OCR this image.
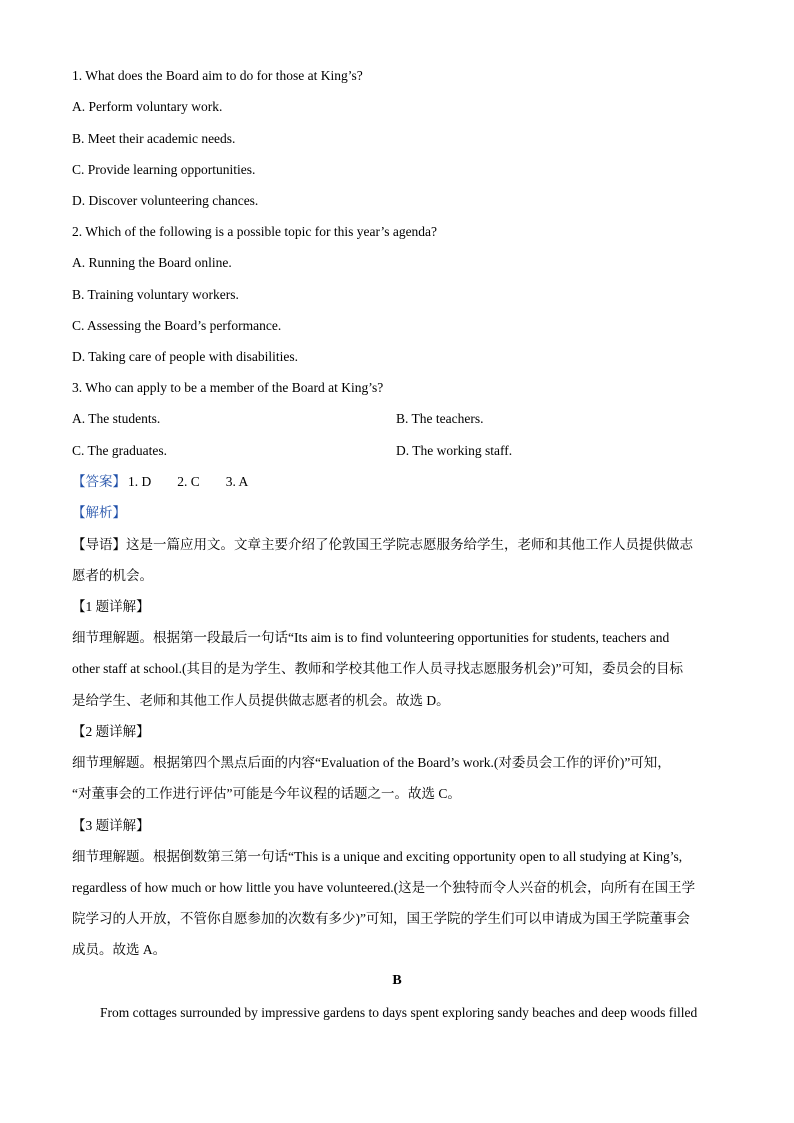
1. What does the Board aim to do for those at King’s?
A. Perform voluntary work.
B. Meet their academic needs.
C. Provide learning opportunities.
D. Discover volunteering chances.
2. Which of the following is a possible topic for this year’s agenda?
A. Running the Board online.
B. Training voluntary workers.
C. Assessing the Board’s performance.
D. Taking care of people with disabilities.
3. Who can apply to be a member of the Board at King’s?
A. The students.	B. The teachers.
C. The graduates.	D. The working staff.
【答案】 1. D 2. C 3. A
【解析】
【导语】这是一篇应用文。文章主要介绍了伦敦国王学院志愿服务给学生，老师和其他工作人员提供做志
愿者的机会。
【1 题详解】
细节理解题。根据第一段最后一句话“Its aim is to find volunteering opportunities for students, teachers and
other staff at school.(其目的是为学生、教师和学校其他工作人员寻找志愿服务机会)”可知，委员会的目标
是给学生、老师和其他工作人员提供做志愿者的机会。故选 D。
【2 题详解】
细节理解题。根据第四个黑点后面的内容“Evaluation of the Board’s work.(对委员会工作的评价)”可知，
“对董事会的工作进行评估”可能是今年议程的话题之一。故选 C。
【3 题详解】
细节理解题。根据倒数第三第一句话“This is a unique and exciting opportunity open to all studying at King’s,
regardless of how much or how little you have volunteered.(这是一个独特而令人兴奋的机会，向所有在国王学
院学习的人开放，不管你自愿参加的次数有多少)”可知，国王学院的学生们可以申请成为国王学院董事会
成员。故选 A。
B
From cottages surrounded by impressive gardens to days spent exploring sandy beaches and deep woods filled
